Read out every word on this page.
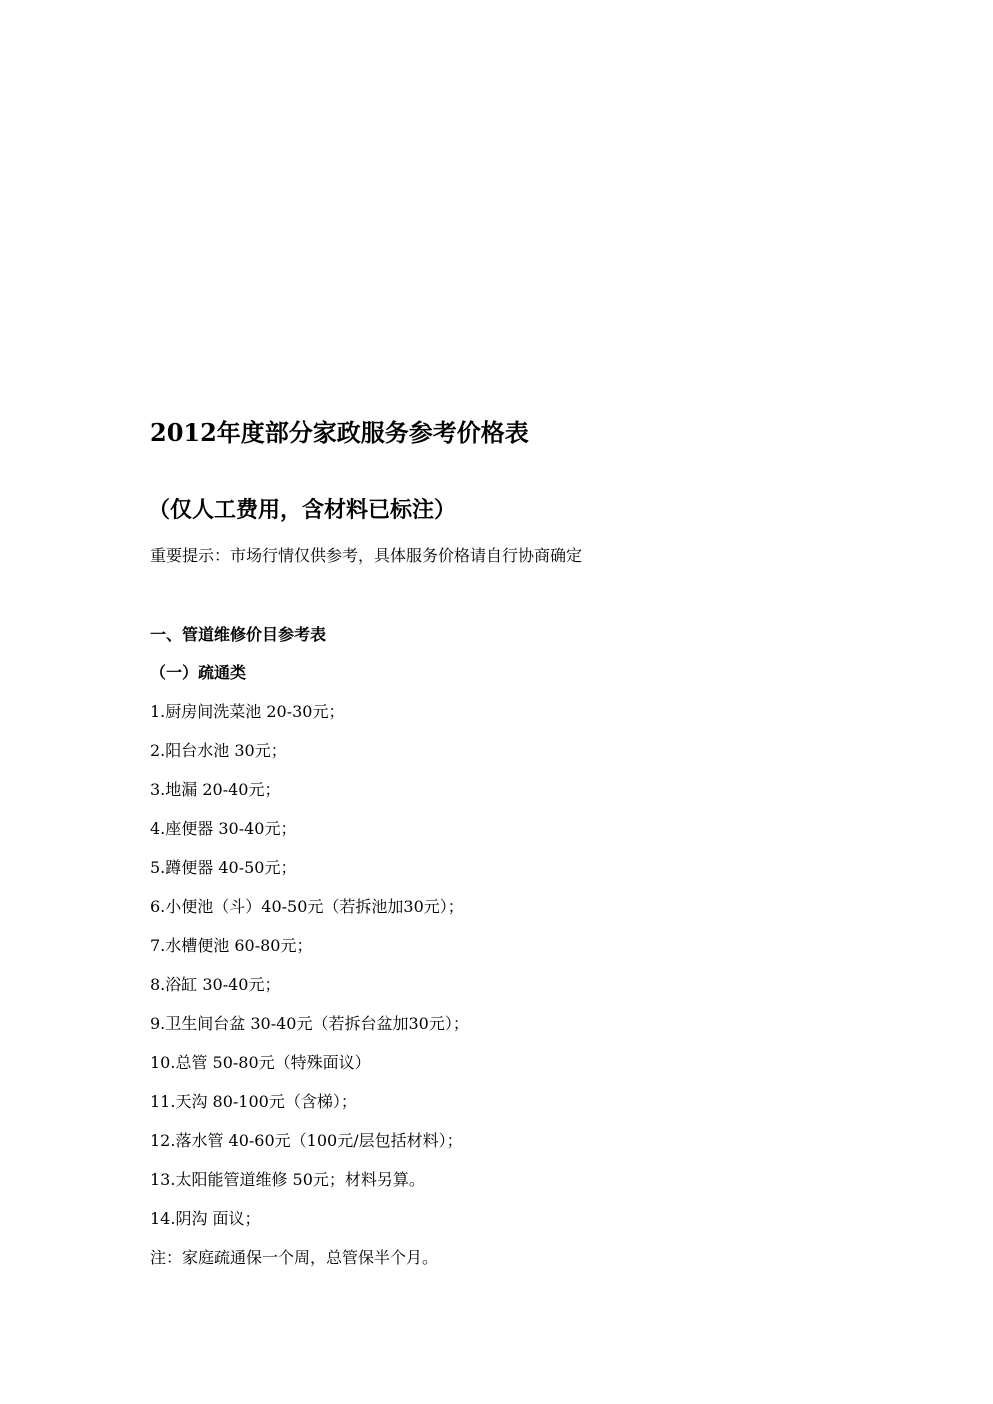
2012年度部分家政服务参考价格表
（仅人工费用，含材料已标注）
重要提示：市场行情仅供参考，具体服务价格请自行协商确定
一、管道维修价目参考表
（一）疏通类
1.厨房间洗菜池 20-30元；
2.阳台水池 30元；
3.地漏 20-40元；
4.座便器 30-40元；
5.蹲便器 40-50元；
6.小便池（斗）40-50元（若拆池加30元）；
7.水槽便池 60-80元；
8.浴缸 30-40元；
9.卫生间台盆 30-40元（若拆台盆加30元）；
10.总管 50-80元（特殊面议）
11.天沟 80-100元（含梯）；
12.落水管 40-60元（100元/层包括材料）；
13.太阳能管道维修 50元；材料另算。
14.阴沟 面议；
注：家庭疏通保一个周，总管保半个月。
